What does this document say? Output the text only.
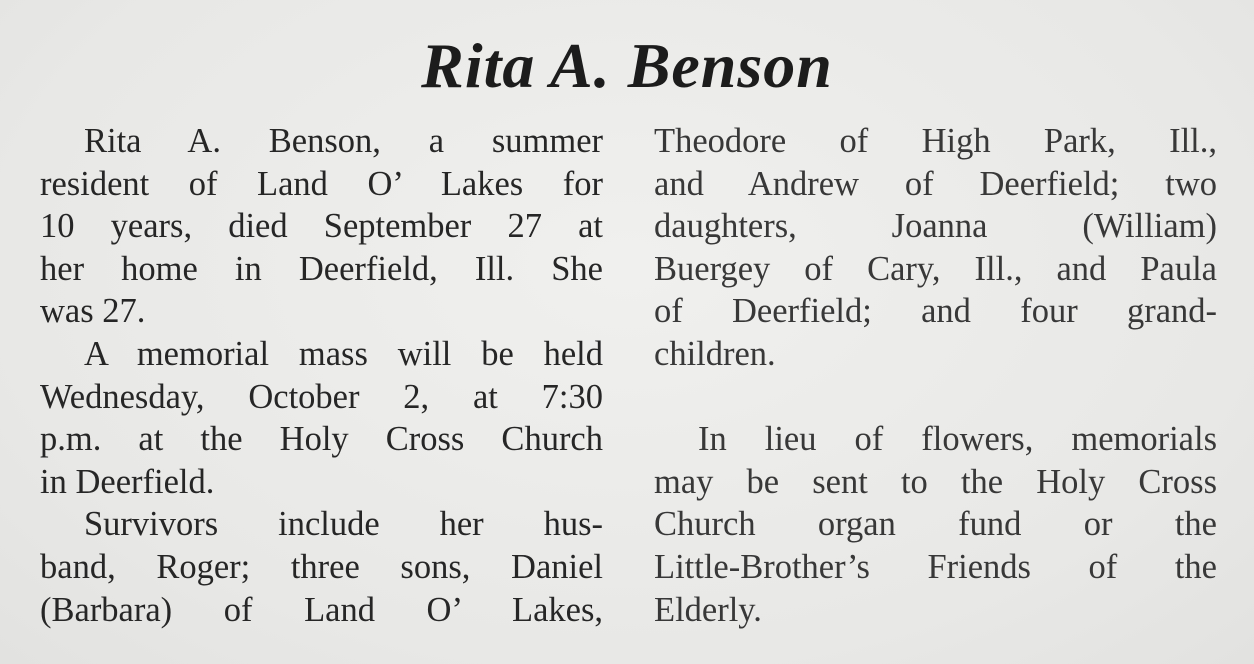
Rita A. Benson
Rita A. Benson, a summer
resident of Land O’ Lakes for
10 years, died September 27 at
her home in Deerfield, Ill. She
was 27.
A memorial mass will be held
Wednesday, October 2, at 7:30
p.m. at the Holy Cross Church
in Deerfield.
Survivors include her hus-
band, Roger; three sons, Daniel
(Barbara) of Land O’ Lakes,
Theodore of High Park, Ill.,
and Andrew of Deerfield; two
daughters, Joanna (William)
Buergey of Cary, Ill., and Paula
of Deerfield; and four grand-
children.
In lieu of flowers, memorials
may be sent to the Holy Cross
Church organ fund or the
Little-Brother’s Friends of the
Elderly.
